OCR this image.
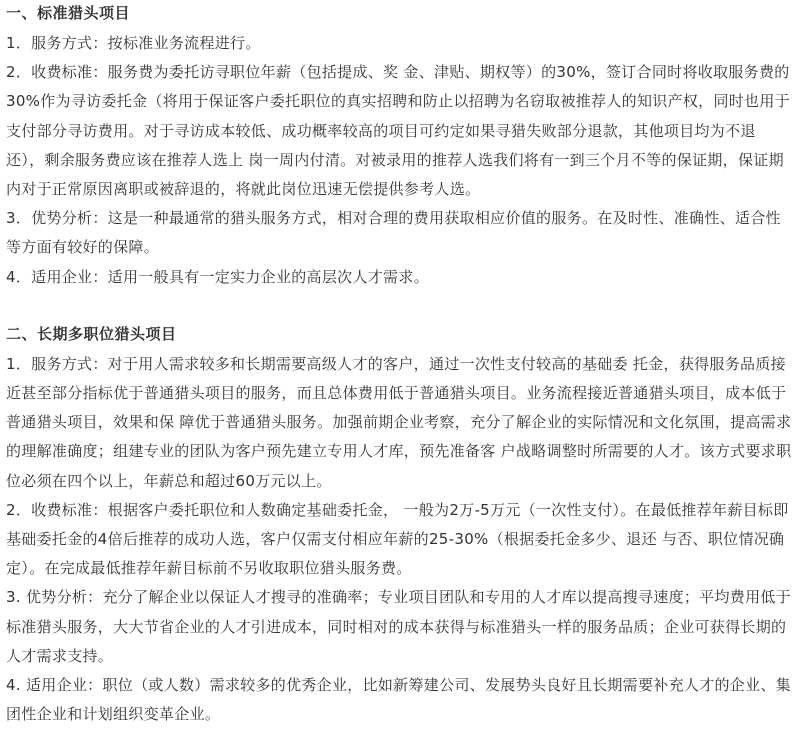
一、标准猎头项目

1．服务方式：按标准业务流程进行。

2．收费标准：服务费为委托访寻职位年薪（包括提成、奖 金、津贴、期权等）的30%，签订合同时将收取服务费的30%作为寻访委托金（将用于保证客户委托职位的真实招聘和防止以招聘为名窃取被推荐人的知识产权，同时也用于支付部分寻访费用。对于寻访成本较低、成功概率较高的项目可约定如果寻猎失败部分退款，其他项目均为不退还），剩余服务费应该在推荐人选上 岗一周内付清。对被录用的推荐人选我们将有一到三个月不等的保证期，保证期内对于正常原因离职或被辞退的，将就此岗位迅速无偿提供参考人选。

3．优势分析：这是一种最通常的猎头服务方式，相对合理的费用获取相应价值的服务。在及时性、准确性、适合性等方面有较好的保障。

4．适用企业：适用一般具有一定实力企业的高层次人才需求。

二、长期多职位猎头项目

1．服务方式：对于用人需求较多和长期需要高级人才的客户，通过一次性支付较高的基础委 托金，获得服务品质接近甚至部分指标优于普通猎头项目的服务，而且总体费用低于普通猎头项目。业务流程接近普通猎头项目，成本低于普通猎头项目，效果和保 障优于普通猎头服务。加强前期企业考察，充分了解企业的实际情况和文化氛围，提高需求的理解准确度；组建专业的团队为客户预先建立专用人才库，预先准备客 户战略调整时所需要的人才。该方式要求职位必须在四个以上，年薪总和超过60万元以上。

2．收费标准：根据客户委托职位和人数确定基础委托金， 一般为2万-5万元（一次性支付）。在最低推荐年薪目标即基础委托金的4倍后推荐的成功人选，客户仅需支付相应年薪的25-30%（根据委托金多少、退还 与否、职位情况确定）。在完成最低推荐年薪目标前不另收取职位猎头服务费。

3. 优势分析：充分了解企业以保证人才搜寻的准确率；专业项目团队和专用的人才库以提高搜寻速度；平均费用低于标准猎头服务，大大节省企业的人才引进成本，同时相对的成本获得与标准猎头一样的服务品质；企业可获得长期的人才需求支持。

4. 适用企业：职位（或人数）需求较多的优秀企业，比如新筹建公司、发展势头良好且长期需要补充人才的企业、集团性企业和计划组织变革企业。
